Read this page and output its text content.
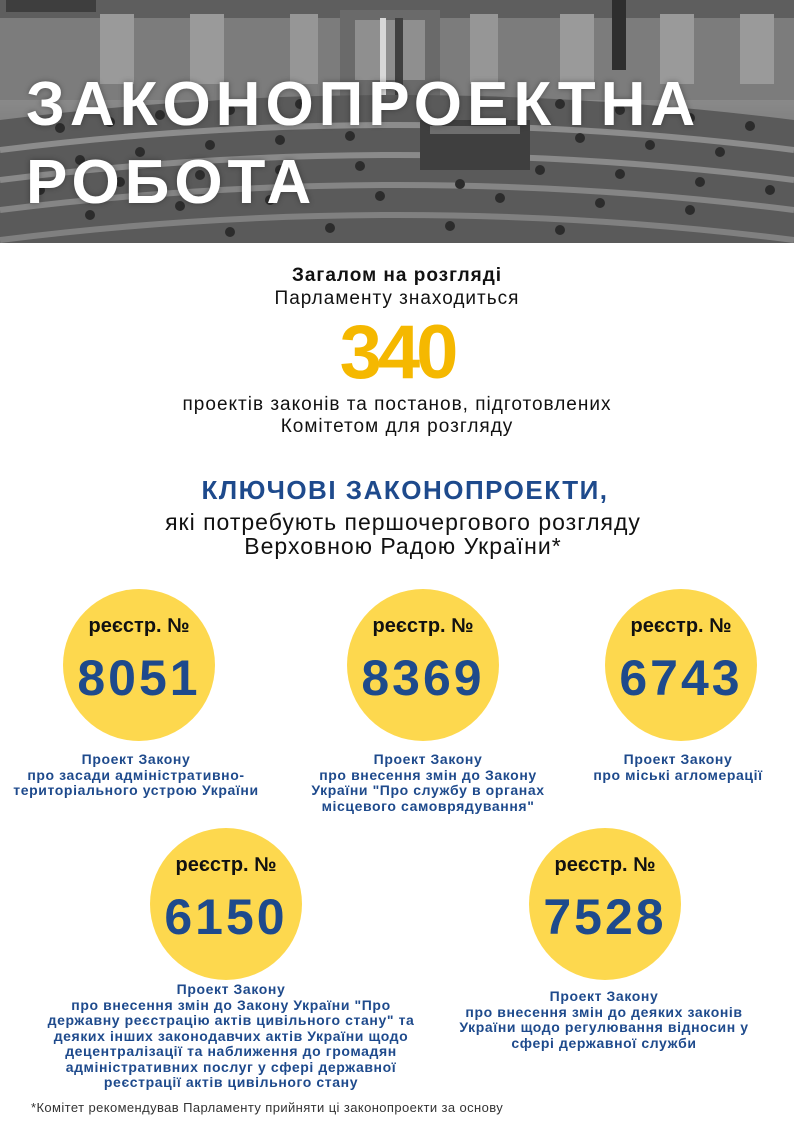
ЗАКОНОПРОЕКТНА
РОБОТА
Загалом на розгляді
Парламенту знаходиться
340
проектів законів та постанов, підготовлених
Комітетом для розгляду
КЛЮЧОВІ ЗАКОНОПРОЕКТИ,
які потребують першочергового розгляду
Верховною Радою України*
реєстр. №
8051
Проект Закону
про засади адміністративно-
територіального устрою України
реєстр. №
8369
Проект Закону
про внесення змін до Закону
України "Про службу в органах
місцевого самоврядування"
реєстр. №
6743
Проект Закону
про міські агломерації
реєстр. №
6150
Проект Закону
про внесення змін до Закону України "Про
державну реєстрацію актів цивільного стану" та
деяких інших законодавчих актів України щодо
децентралізації та наближення до громадян
адміністративних послуг у сфері державної
реєстрації актів цивільного стану
реєстр. №
7528
Проект Закону
про внесення змін до деяких законів
України щодо регулювання відносин у
сфері державної служби
*Комітет рекомендував Парламенту прийняти ці законопроекти за основу
